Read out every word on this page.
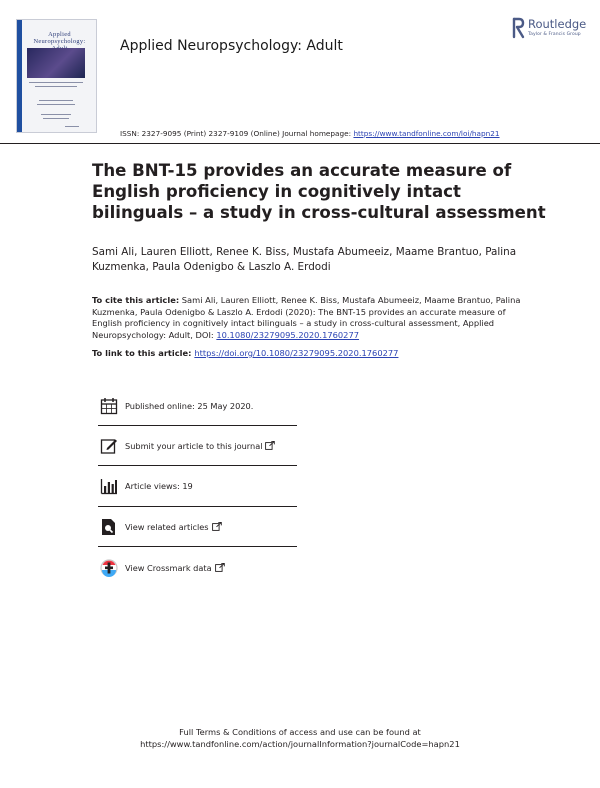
Applied
Neuropsychology:	Applied Neuropsychology: Adult
Routledge
Taylor & Francis Group
ISSN: 2327-9095 (Print) 2327-9109 (Online) Journal homepage: https://www.tandfonline.com/loi/hapn21
The BNT-15 provides an accurate measure of English proficiency in cognitively intact bilinguals – a study in cross-cultural assessment
Sami Ali, Lauren Elliott, Renee K. Biss, Mustafa Abumeeiz, Maame Brantuo, Palina Kuzmenka, Paula Odenigbo & Laszlo A. Erdodi
To cite this article: Sami Ali, Lauren Elliott, Renee K. Biss, Mustafa Abumeeiz, Maame Brantuo, Palina Kuzmenka, Paula Odenigbo & Laszlo A. Erdodi (2020): The BNT-15 provides an accurate measure of English proficiency in cognitively intact bilinguals – a study in cross-cultural assessment, Applied Neuropsychology: Adult, DOI: 10.1080/23279095.2020.1760277
To link to this article: https://doi.org/10.1080/23279095.2020.1760277
Published online: 25 May 2020.
Submit your article to this journal
Article views: 19
View related articles
View Crossmark data
Full Terms & Conditions of access and use can be found at
https://www.tandfonline.com/action/journalInformation?journalCode=hapn21
